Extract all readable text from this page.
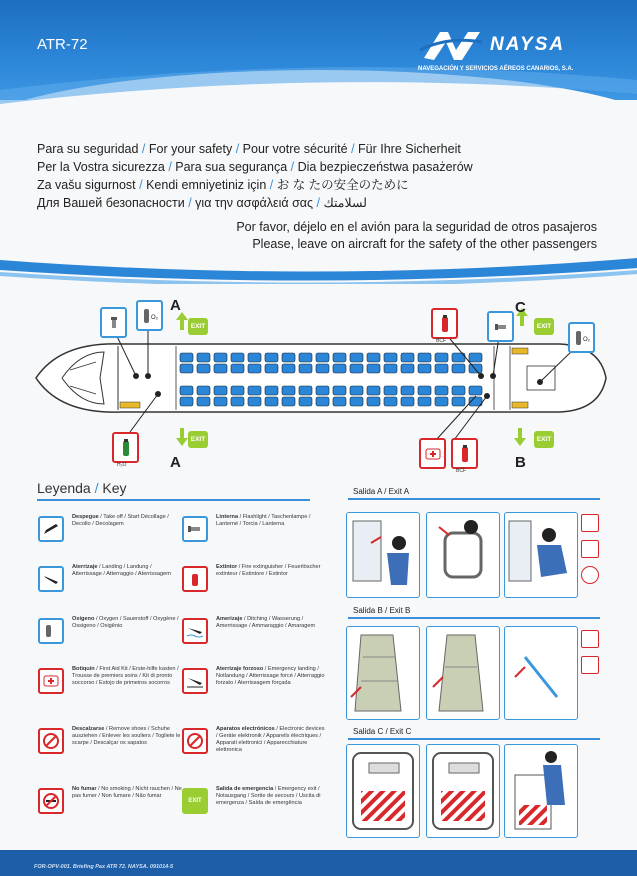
ATR-72	NAYSA
NAVEGACIÓN Y SERVICIOS AÉREOS CANARIOS, S.A.
Para su seguridad / For your safety / Pour votre sécurité / Für Ihre Sicherheit
Per la Vostra sicurezza / Para sua segurança / Dia bezpieczeństwa pasażerów
Za vašu sigurnost / Kendi emniyetiniz için / お な たの安全のために
Для Вашей безопасности / για την ασφάλειά σας / لسلامتك
Por favor, déjelo en el avión para la seguridad de otros pasajeros
Please, leave on aircraft for the safety of the other passengers
EXIT
EXIT
EXIT
EXIT
A
A
C
B
O₂
H₂O
BCF	O₂
BCF
Leyenda / Key
Despegue / Take off / Start Décollage / Decollo / Decolagem
Linterna / Flashlight / Taschenlampe / Lanterné / Torcia / Lanterna
Aterrizaje / Landing / Landung / Atterrissage / Atterraggio / Aterrissagem
Extintor / Fire extinguisher / Feuerlöscher extinteur / Estintore / Extintor
Oxígeno / Oxygen / Sauerstoff / Oxygène / Ossigeno / Oxigênio
Amerizaje / Ditching / Wasserung / Amerrissage / Ammaraggio / Amaragem
Botiquín / First Aid Kit / Erste-hilfe kasten / Trousse de premiers soins / Kit di pronto soccorso / Estojo de primeiros socorros
Aterrizaje forzoso / Emergency landing / Notlandung / Atterrissage forcé / Atterraggio forzato / Aterrissagem forçada
Descalzarse / Remove shoes / Schuhe ausziehen / Enlever les souliers / Togliete le scarpe / Descalçar os sapatos
Aparatos electrónicos / Electronic devices / Geräte elektronik / Appareils électriques / Apparati elettronici / Apparecchiature elettronica
No fumar / No smoking / Nicht rauchen / Ne pas fumer / Non fumare / Não fumar
EXIT
Salida de emergencia / Emergency exit / Notausgang / Sortie de secours / Uscita di emergenza / Saída de emergência
Salida A / Exit A
Salida B / Exit B
Salida C / Exit C
FOR-OPV-001. Briefing Pax ATR 72. NAYSA. 091014-5
